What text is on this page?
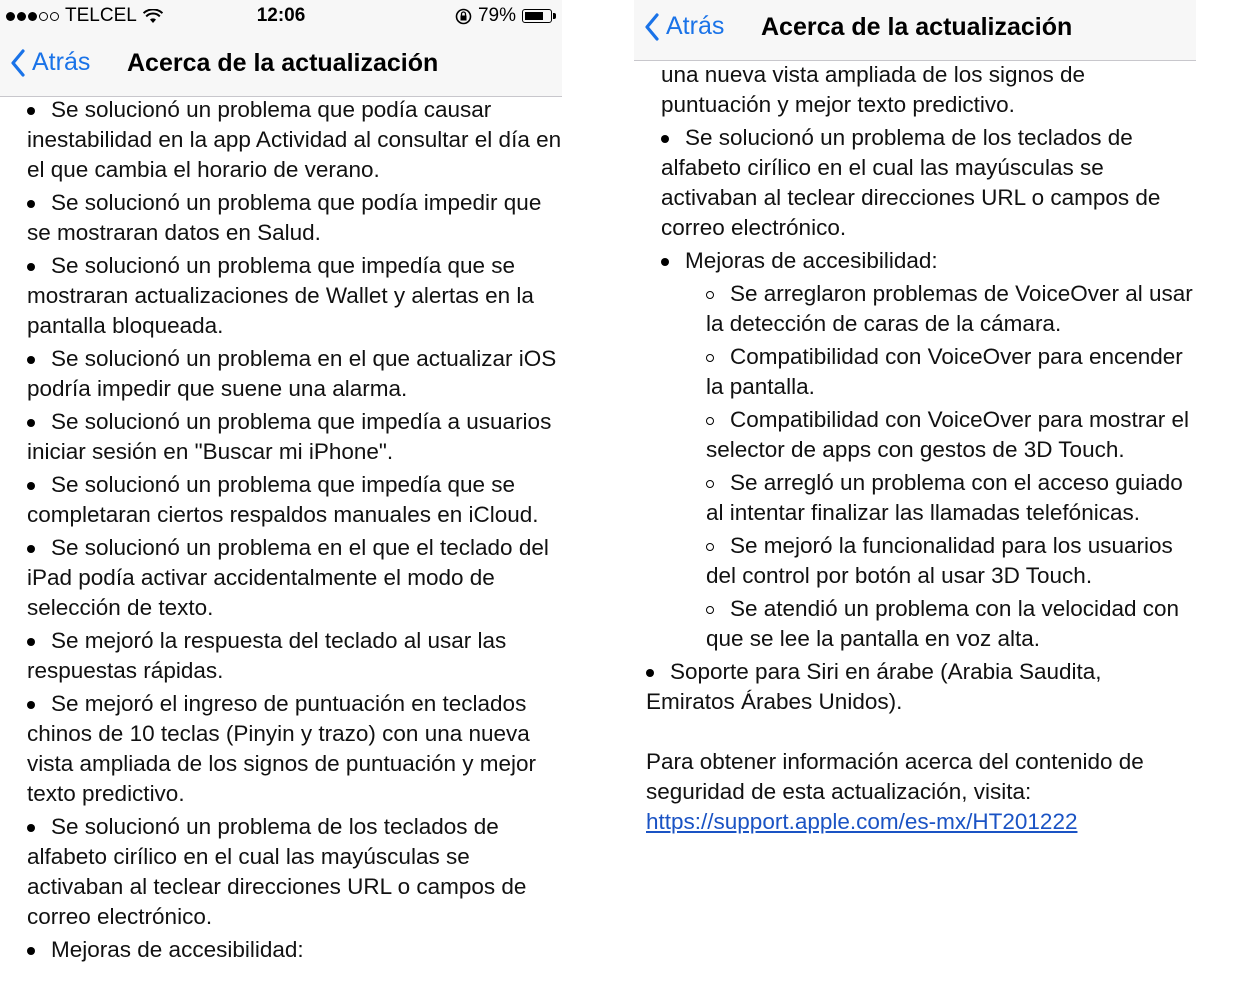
TELCEL	12:06	79%
Atrás Acerca de la actualización
Se solucionó un problema que podía causar inestabilidad en la app Actividad al consultar el día en el que cambia el horario de verano.
Se solucionó un problema que podía impedir que se mostraran datos en Salud.
Se solucionó un problema que impedía que se mostraran actualizaciones de Wallet y alertas en la pantalla bloqueada.
Se solucionó un problema en el que actualizar iOS podría impedir que suene una alarma.
Se solucionó un problema que impedía a usuarios iniciar sesión en "Buscar mi iPhone".
Se solucionó un problema que impedía que se completaran ciertos respaldos manuales en iCloud.
Se solucionó un problema en el que el teclado del iPad podía activar accidentalmente el modo de selección de texto.
Se mejoró la respuesta del teclado al usar las respuestas rápidas.
Se mejoró el ingreso de puntuación en teclados chinos de 10 teclas (Pinyin y trazo) con una nueva vista ampliada de los signos de puntuación y mejor texto predictivo.
Se solucionó un problema de los teclados de alfabeto cirílico en el cual las mayúsculas se activaban al teclear direcciones URL o campos de correo electrónico.
Mejoras de accesibilidad:
Atrás Acerca de la actualización
una nueva vista ampliada de los signos de puntuación y mejor texto predictivo.
Se solucionó un problema de los teclados de alfabeto cirílico en el cual las mayúsculas se activaban al teclear direcciones URL o campos de correo electrónico.
Mejoras de accesibilidad:
Se arreglaron problemas de VoiceOver al usar la detección de caras de la cámara.
Compatibilidad con VoiceOver para encender la pantalla.
Compatibilidad con VoiceOver para mostrar el selector de apps con gestos de 3D Touch.
Se arregló un problema con el acceso guiado al intentar finalizar las llamadas telefónicas.
Se mejoró la funcionalidad para los usuarios del control por botón al usar 3D Touch.
Se atendió un problema con la velocidad con que se lee la pantalla en voz alta.
Soporte para Siri en árabe (Arabia Saudita, Emiratos Árabes Unidos).
Para obtener información acerca del contenido de seguridad de esta actualización, visita:
https://support.apple.com/es-mx/HT201222
